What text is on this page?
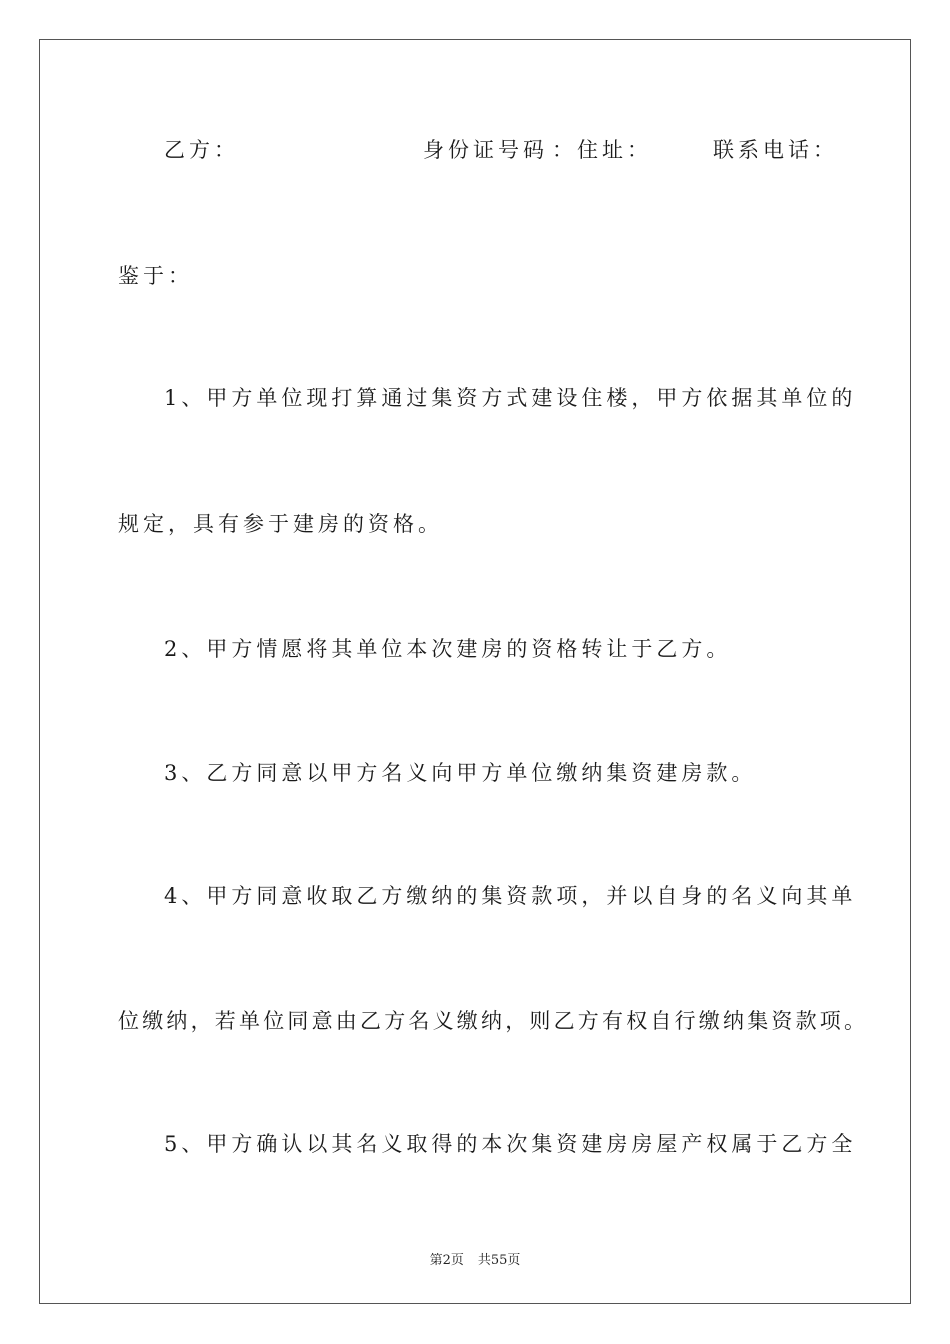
乙方：	身份证号码 ：住址：	联系电话：
鉴于：
1、甲方单位现打算通过集资方式建设住楼，甲方依据其单位的
规定，具有参于建房的资格。
2、甲方情愿将其单位本次建房的资格转让于乙方。
3、乙方同意以甲方名义向甲方单位缴纳集资建房款。
4、甲方同意收取乙方缴纳的集资款项，并以自身的名义向其单
位缴纳，若单位同意由乙方名义缴纳，则乙方有权自行缴纳集资款项。
5、甲方确认以其名义取得的本次集资建房房屋产权属于乙方全
第2页 共55页
